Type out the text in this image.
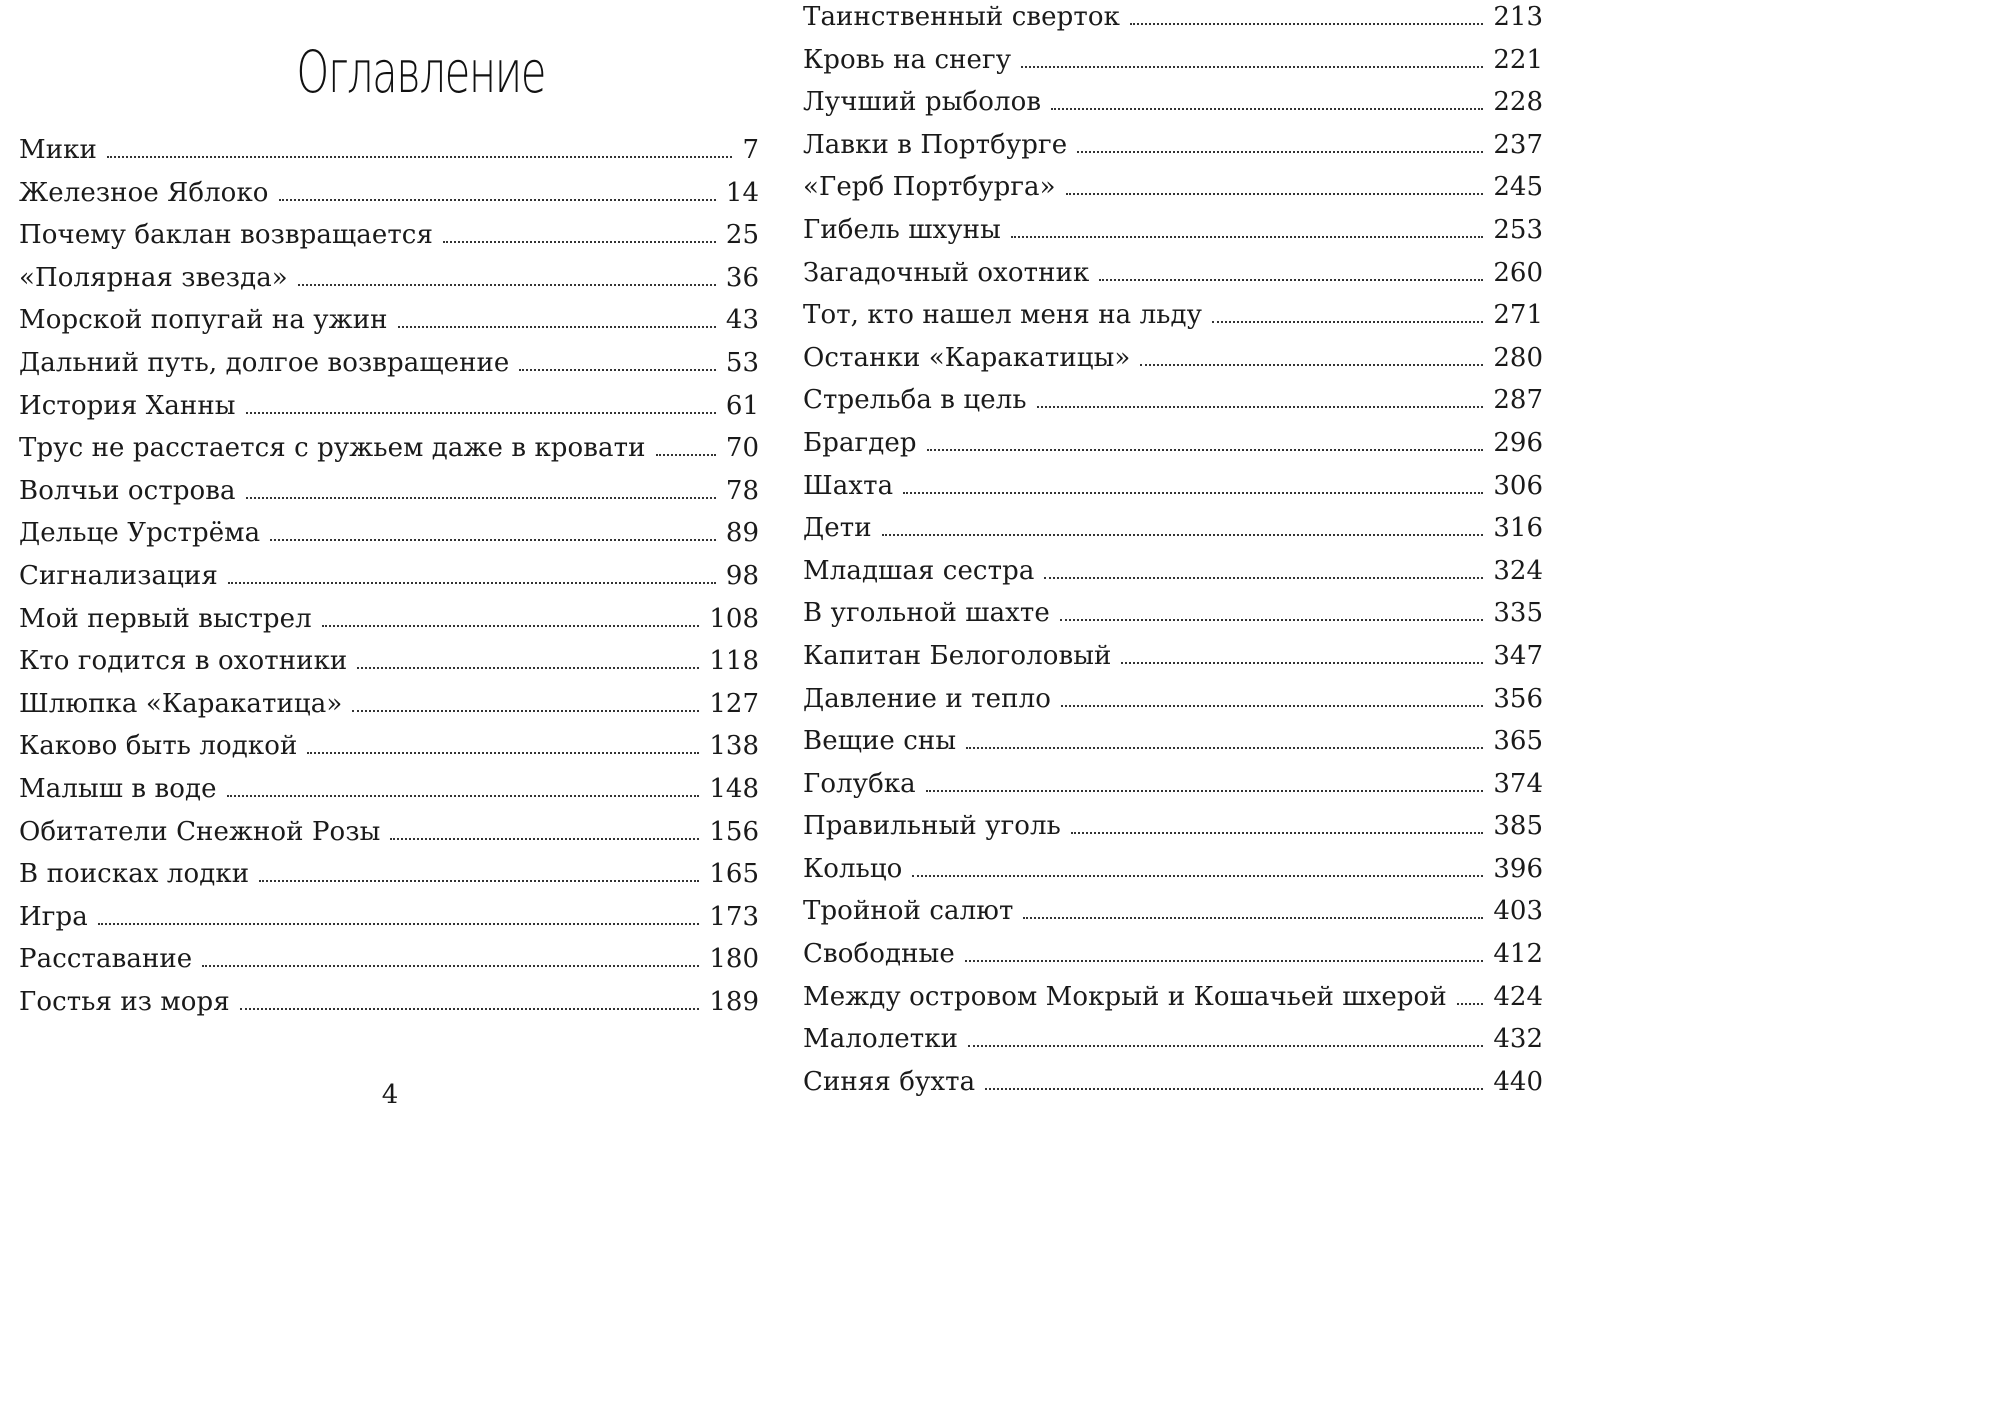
Оглавление
Мики	7
Железное Яблоко	14
Почему баклан возвращается	25
«Полярная звезда»	36
Морской попугай на ужин	43
Дальний путь, долгое возвращение	53
История Ханны	61
Трус не расстается с ружьем даже в кровати	70
Волчьи острова	78
Дельце Урстрёма	89
Сигнализация	98
Мой первый выстрел	108
Кто годится в охотники	118
Шлюпка «Каракатица»	127
Каково быть лодкой	138
Малыш в воде	148
Обитатели Снежной Розы	156
В поисках лодки	165
Игра	173
Расставание	180
Гостья из моря	189
4
Таинственный сверток	213
Кровь на снегу	221
Лучший рыболов	228
Лавки в Портбурге	237
«Герб Портбурга»	245
Гибель шхуны	253
Загадочный охотник	260
Тот, кто нашел меня на льду	271
Останки «Каракатицы»	280
Стрельба в цель	287
Брагдер	296
Шахта	306
Дети	316
Младшая сестра	324
В угольной шахте	335
Капитан Белоголовый	347
Давление и тепло	356
Вещие сны	365
Голубка	374
Правильный уголь	385
Кольцо	396
Тройной салют	403
Свободные	412
Между островом Мокрый и Кошачьей шхерой	424
Малолетки	432
Синяя бухта	440
